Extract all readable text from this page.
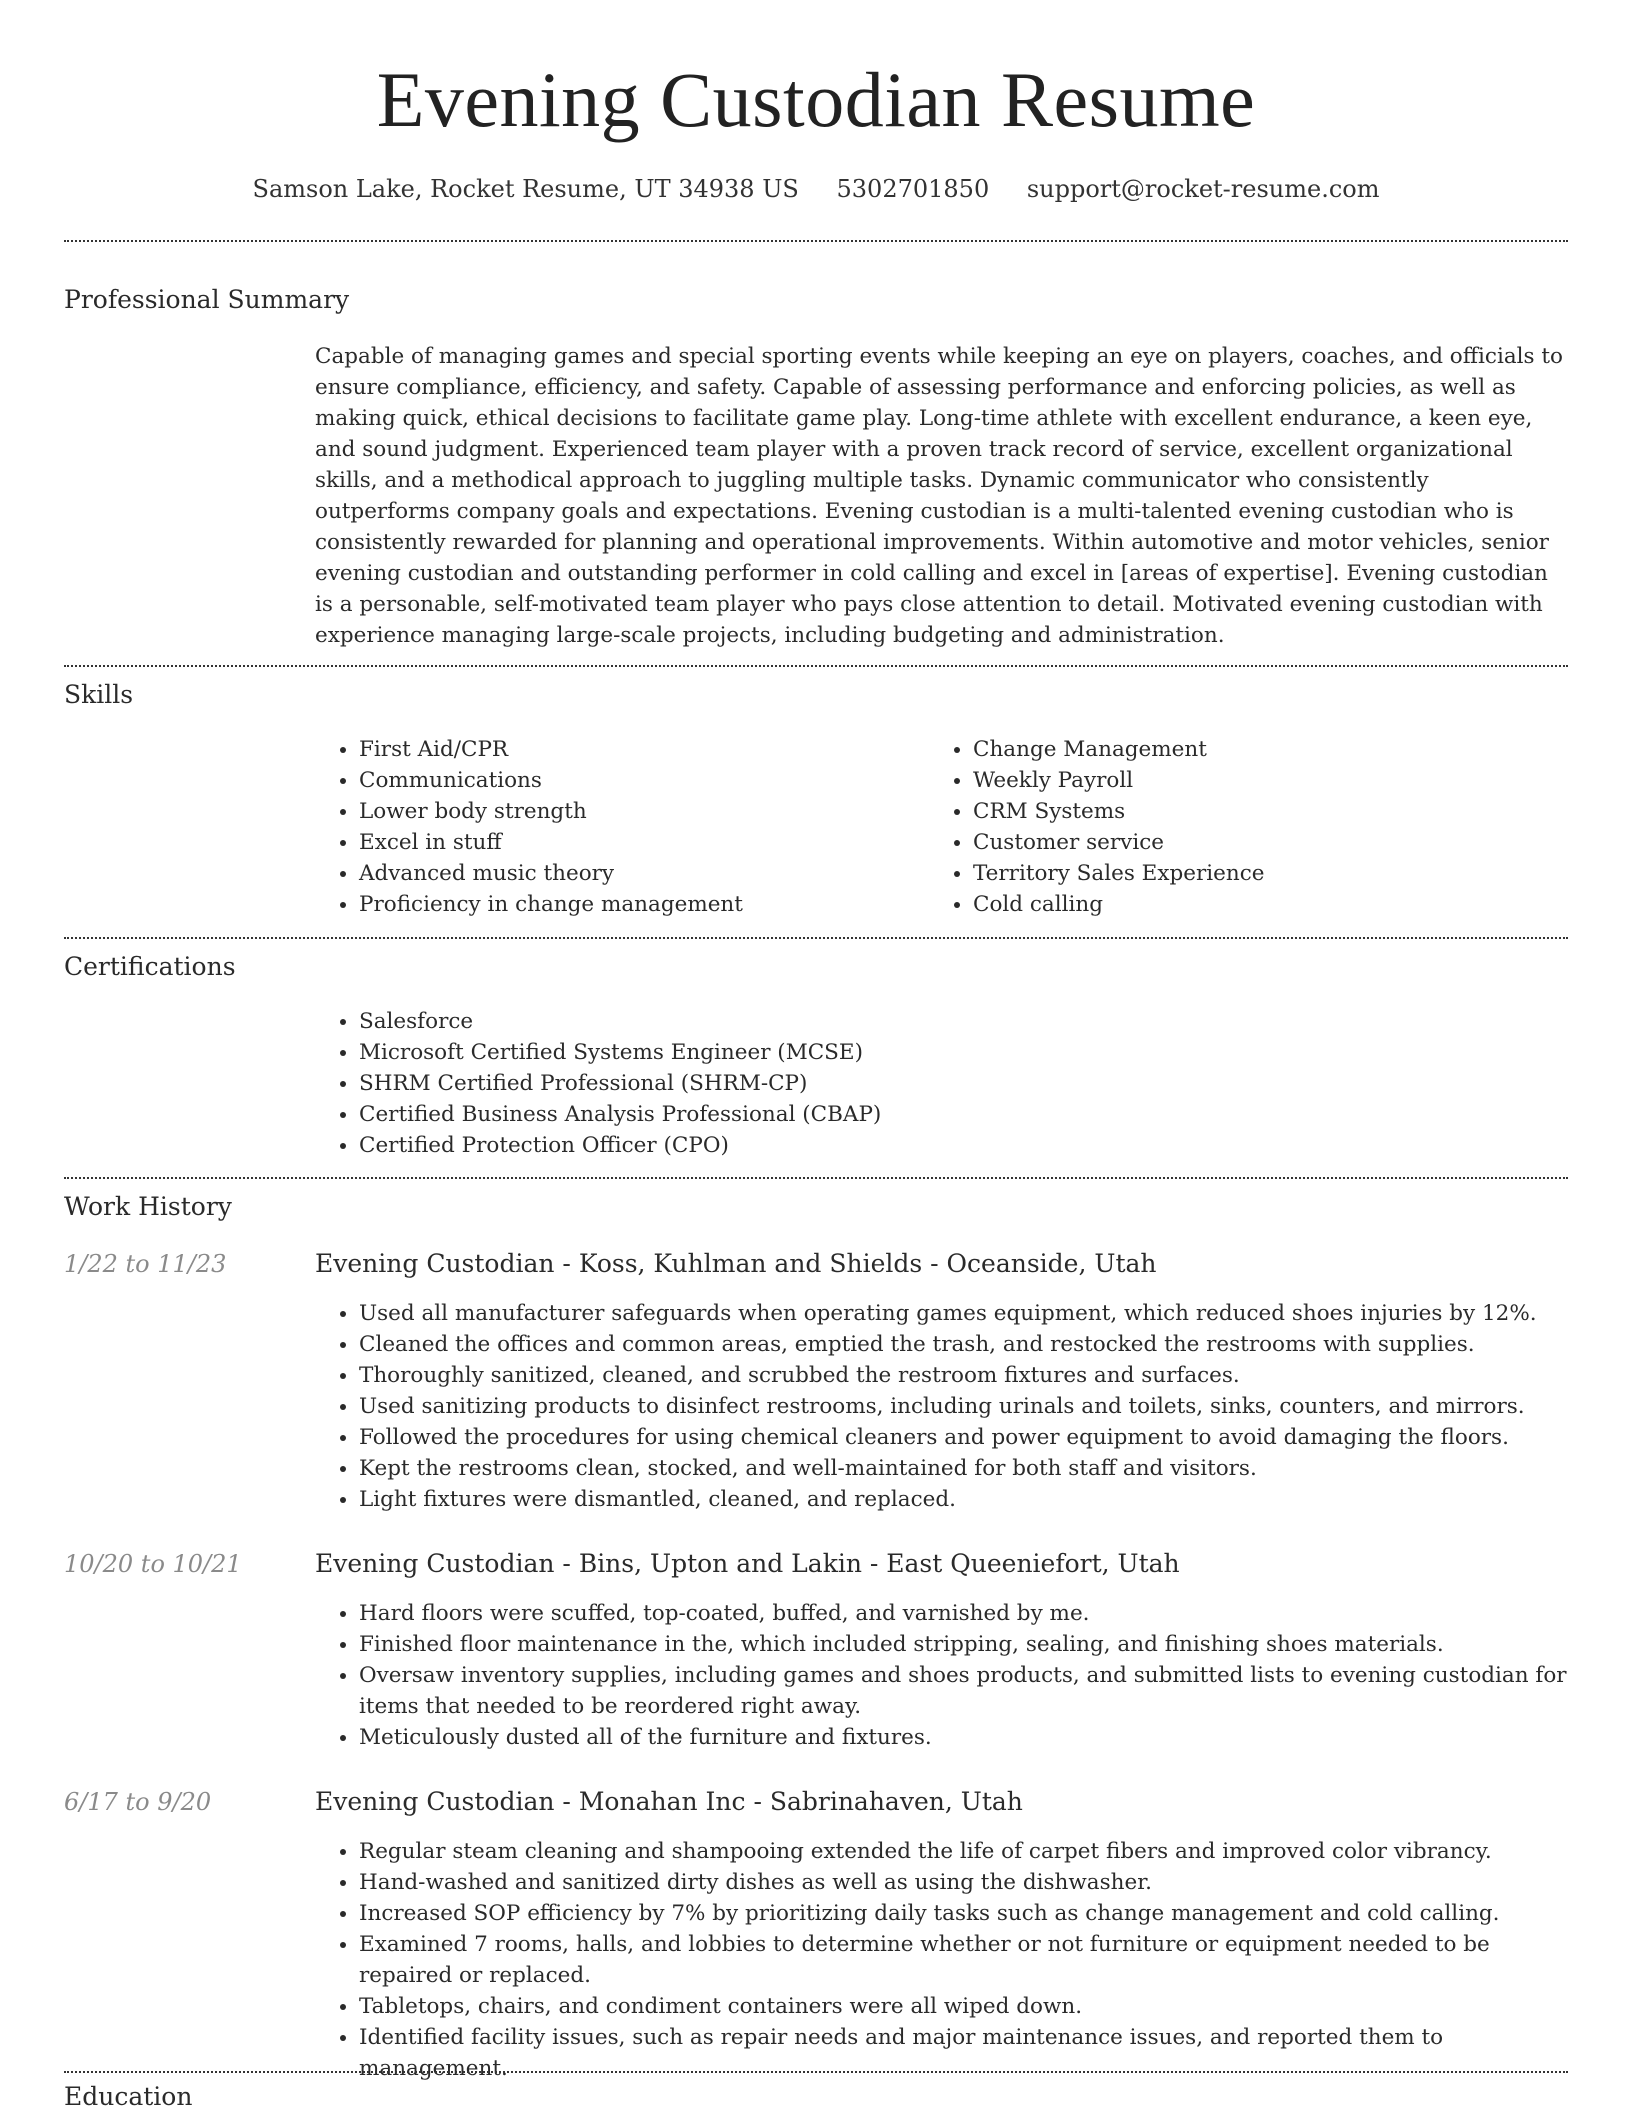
Evening Custodian Resume
Samson Lake, Rocket Resume, UT 34938 US 5302701850 support@rocket-resume.com
Professional Summary
Capable of managing games and special sporting events while keeping an eye on players, coaches, and officials to ensure compliance, efficiency, and safety. Capable of assessing performance and enforcing policies, as well as making quick, ethical decisions to facilitate game play. Long-time athlete with excellent endurance, a keen eye, and sound judgment. Experienced team player with a proven track record of service, excellent organizational skills, and a methodical approach to juggling multiple tasks. Dynamic communicator who consistently outperforms company goals and expectations. Evening custodian is a multi-talented evening custodian who is consistently rewarded for planning and operational improvements. Within automotive and motor vehicles, senior evening custodian and outstanding performer in cold calling and excel in [areas of expertise]. Evening custodian is a personable, self-motivated team player who pays close attention to detail. Motivated evening custodian with experience managing large-scale projects, including budgeting and administration.
Skills
• First Aid/CPR
• Communications
• Lower body strength
• Excel in stuff
• Advanced music theory
• Proficiency in change management
• Change Management
• Weekly Payroll
• CRM Systems
• Customer service
• Territory Sales Experience
• Cold calling
Certifications
• Salesforce
• Microsoft Certified Systems Engineer (MCSE)
• SHRM Certified Professional (SHRM-CP)
• Certified Business Analysis Professional (CBAP)
• Certified Protection Officer (CPO)
Work History
1/22 to 11/23	Evening Custodian - Koss, Kuhlman and Shields - Oceanside, Utah
• Used all manufacturer safeguards when operating games equipment, which reduced shoes injuries by 12%.
• Cleaned the offices and common areas, emptied the trash, and restocked the restrooms with supplies.
• Thoroughly sanitized, cleaned, and scrubbed the restroom fixtures and surfaces.
• Used sanitizing products to disinfect restrooms, including urinals and toilets, sinks, counters, and mirrors.
• Followed the procedures for using chemical cleaners and power equipment to avoid damaging the floors.
• Kept the restrooms clean, stocked, and well-maintained for both staff and visitors.
• Light fixtures were dismantled, cleaned, and replaced.
10/20 to 10/21	Evening Custodian - Bins, Upton and Lakin - East Queeniefort, Utah
• Hard floors were scuffed, top-coated, buffed, and varnished by me.
• Finished floor maintenance in the, which included stripping, sealing, and finishing shoes materials.
• Oversaw inventory supplies, including games and shoes products, and submitted lists to evening custodian for items that needed to be reordered right away.
• Meticulously dusted all of the furniture and fixtures.
6/17 to 9/20	Evening Custodian - Monahan Inc - Sabrinahaven, Utah
• Regular steam cleaning and shampooing extended the life of carpet fibers and improved color vibrancy.
• Hand-washed and sanitized dirty dishes as well as using the dishwasher.
• Increased SOP efficiency by 7% by prioritizing daily tasks such as change management and cold calling.
• Examined 7 rooms, halls, and lobbies to determine whether or not furniture or equipment needed to be repaired or replaced.
• Tabletops, chairs, and condiment containers were all wiped down.
• Identified facility issues, such as repair needs and major maintenance issues, and reported them to management.
Education
